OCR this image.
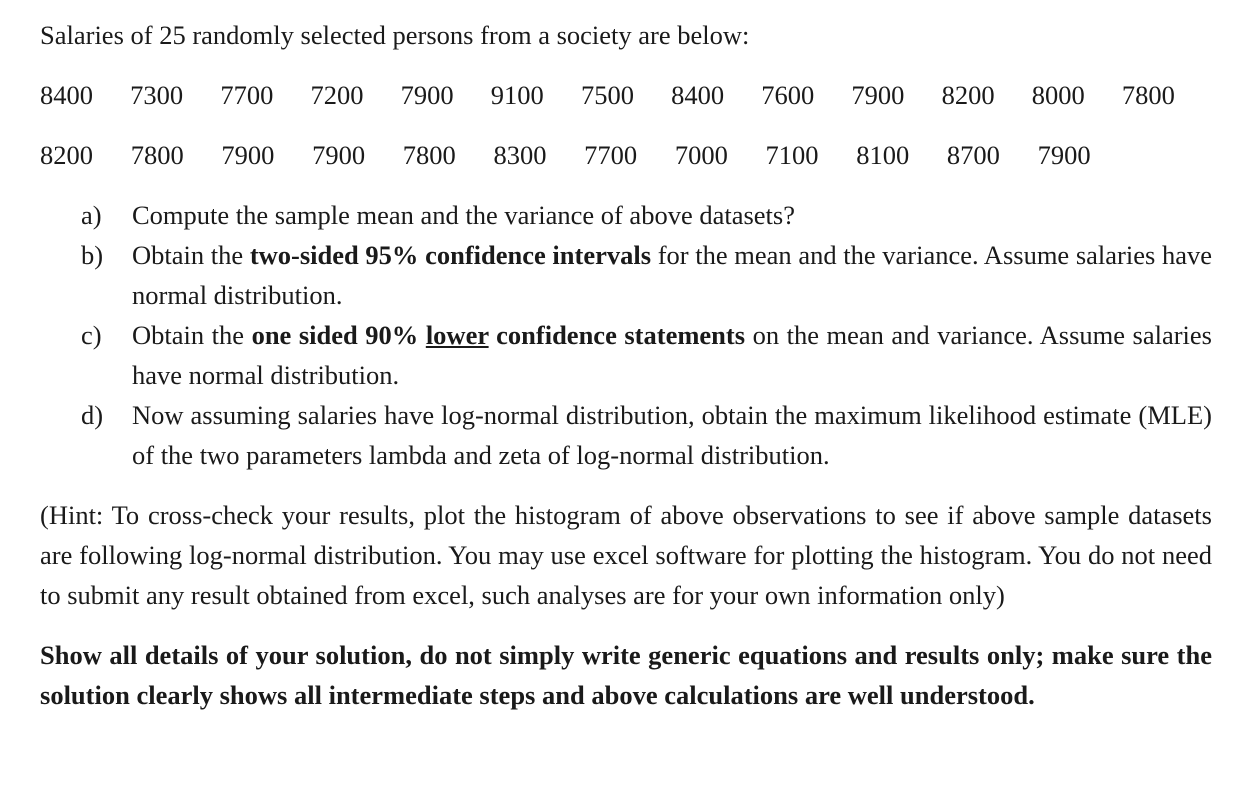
Salaries of 25 randomly selected persons from a society are below:

8400	7300	7700	7200	7900	9100	7500	8400	7600	7900	8200	8000	7800
8200	7800	7900	7900	7800	8300	7700	7000	7100	8100	8700	7900
a) Compute the sample mean and the variance of above datasets?
b) Obtain the two-sided 95% confidence intervals for the mean and the variance. Assume salaries have normal distribution.
c) Obtain the one sided 90% lower confidence statements on the mean and variance. Assume salaries have normal distribution.
d) Now assuming salaries have log-normal distribution, obtain the maximum likelihood estimate (MLE) of the two parameters lambda and zeta of log-normal distribution.

(Hint: To cross-check your results, plot the histogram of above observations to see if above sample datasets are following log-normal distribution. You may use excel software for plotting the histogram. You do not need to submit any result obtained from excel, such analyses are for your own information only)

Show all details of your solution, do not simply write generic equations and results only; make sure the solution clearly shows all intermediate steps and above calculations are well understood.
